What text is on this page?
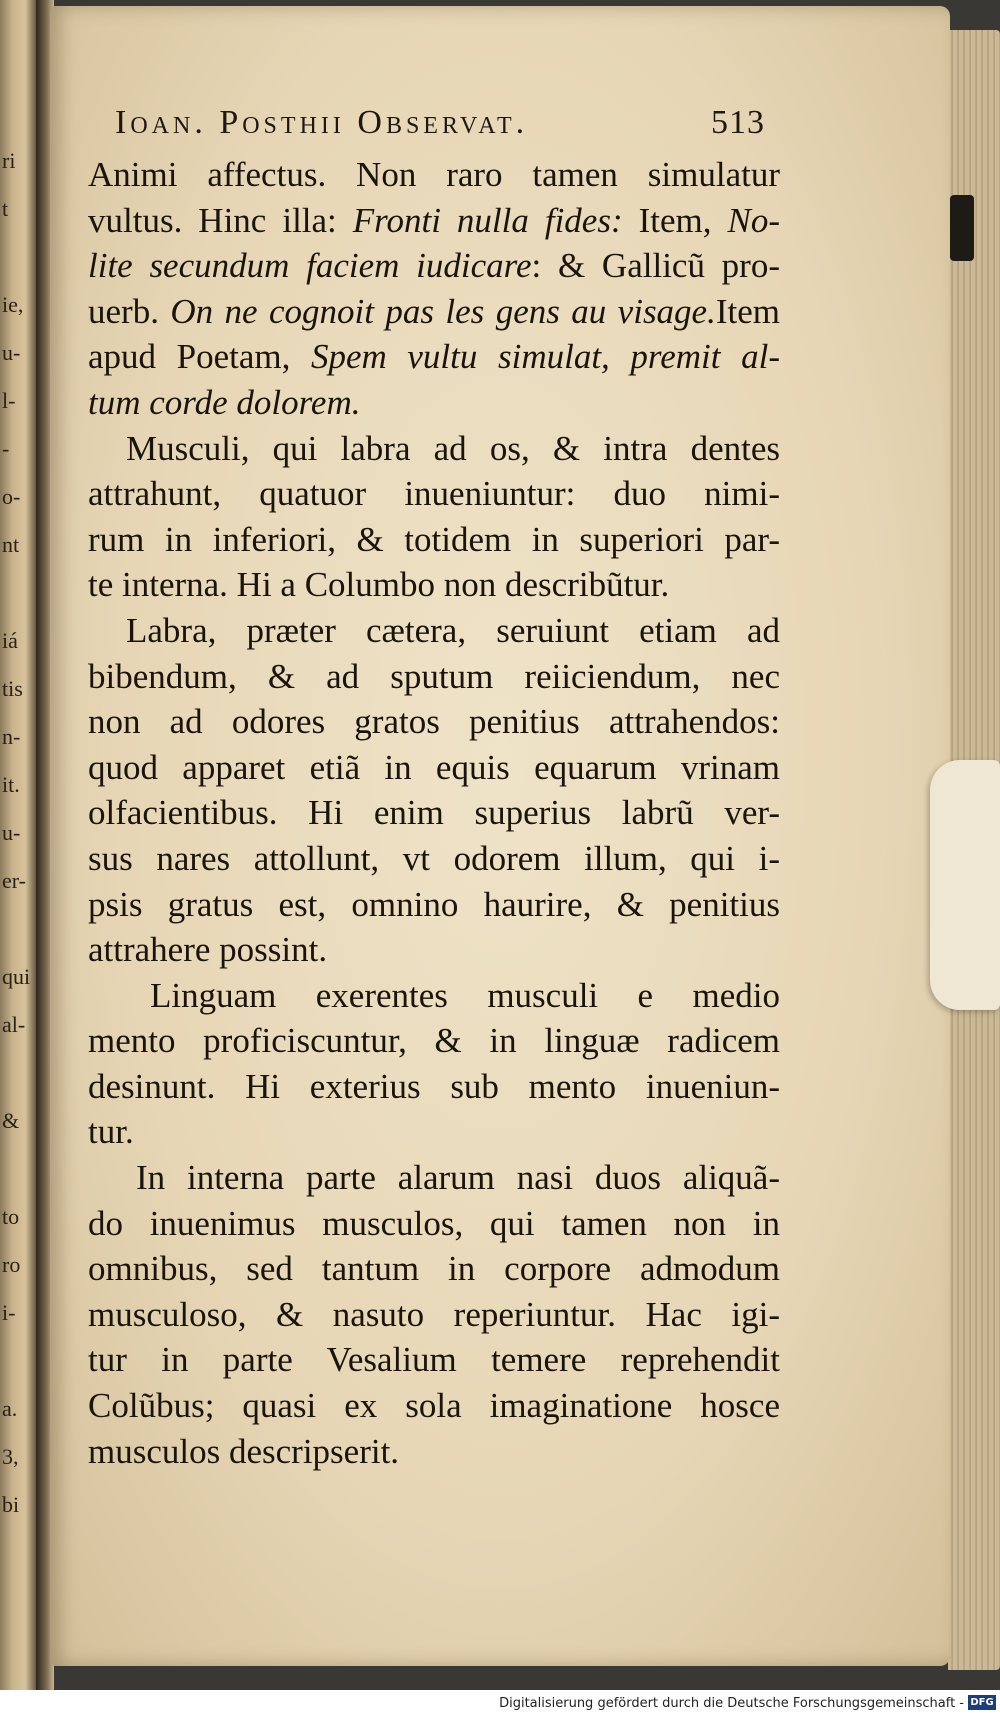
ri
t
ie,
u-
l-
-
o-
nt
iá
tis
n-
it.
u-
er-
qui
al-
&
to
ro
i-
a.
3,
bi
Ioan. Posthii Observat.	513
Animi affectus. Non raro tamen simulatur
vultus. Hinc illa: Fronti nulla fides: Item, No-
lite secundum faciem iudicare: & Gallicũ pro-
uerb. On ne cognoit pas les gens au visage.Item
apud Poetam, Spem vultu simulat, premit al-
tum corde dolorem.
Musculi, qui labra ad os, & intra dentes
attrahunt, quatuor inueniuntur: duo nimi-
rum in inferiori, & totidem in superiori par-
te interna. Hi a Columbo non describũtur.
Labra, præter cætera, seruiunt etiam ad
bibendum, & ad sputum reiiciendum, nec
non ad odores gratos penitius attrahendos:
quod apparet etiã in equis equarum vrinam
olfacientibus. Hi enim superius labrũ ver-
sus nares attollunt, vt odorem illum, qui i-
psis gratus est, omnino haurire, & penitius
attrahere possint.
Linguam exerentes musculi e medio
mento proficiscuntur, & in linguæ radicem
desinunt. Hi exterius sub mento inueniun-
tur.
In interna parte alarum nasi duos aliquã-
do inuenimus musculos, qui tamen non in
omnibus, sed tantum in corpore admodum
musculoso, & nasuto reperiuntur. Hac igi-
tur in parte Vesalium temere reprehendit
Colũbus; quasi ex sola imaginatione hosce
musculos descripserit.
Digitalisierung gefördert durch die Deutsche Forschungsgemeinschaft - DFG
